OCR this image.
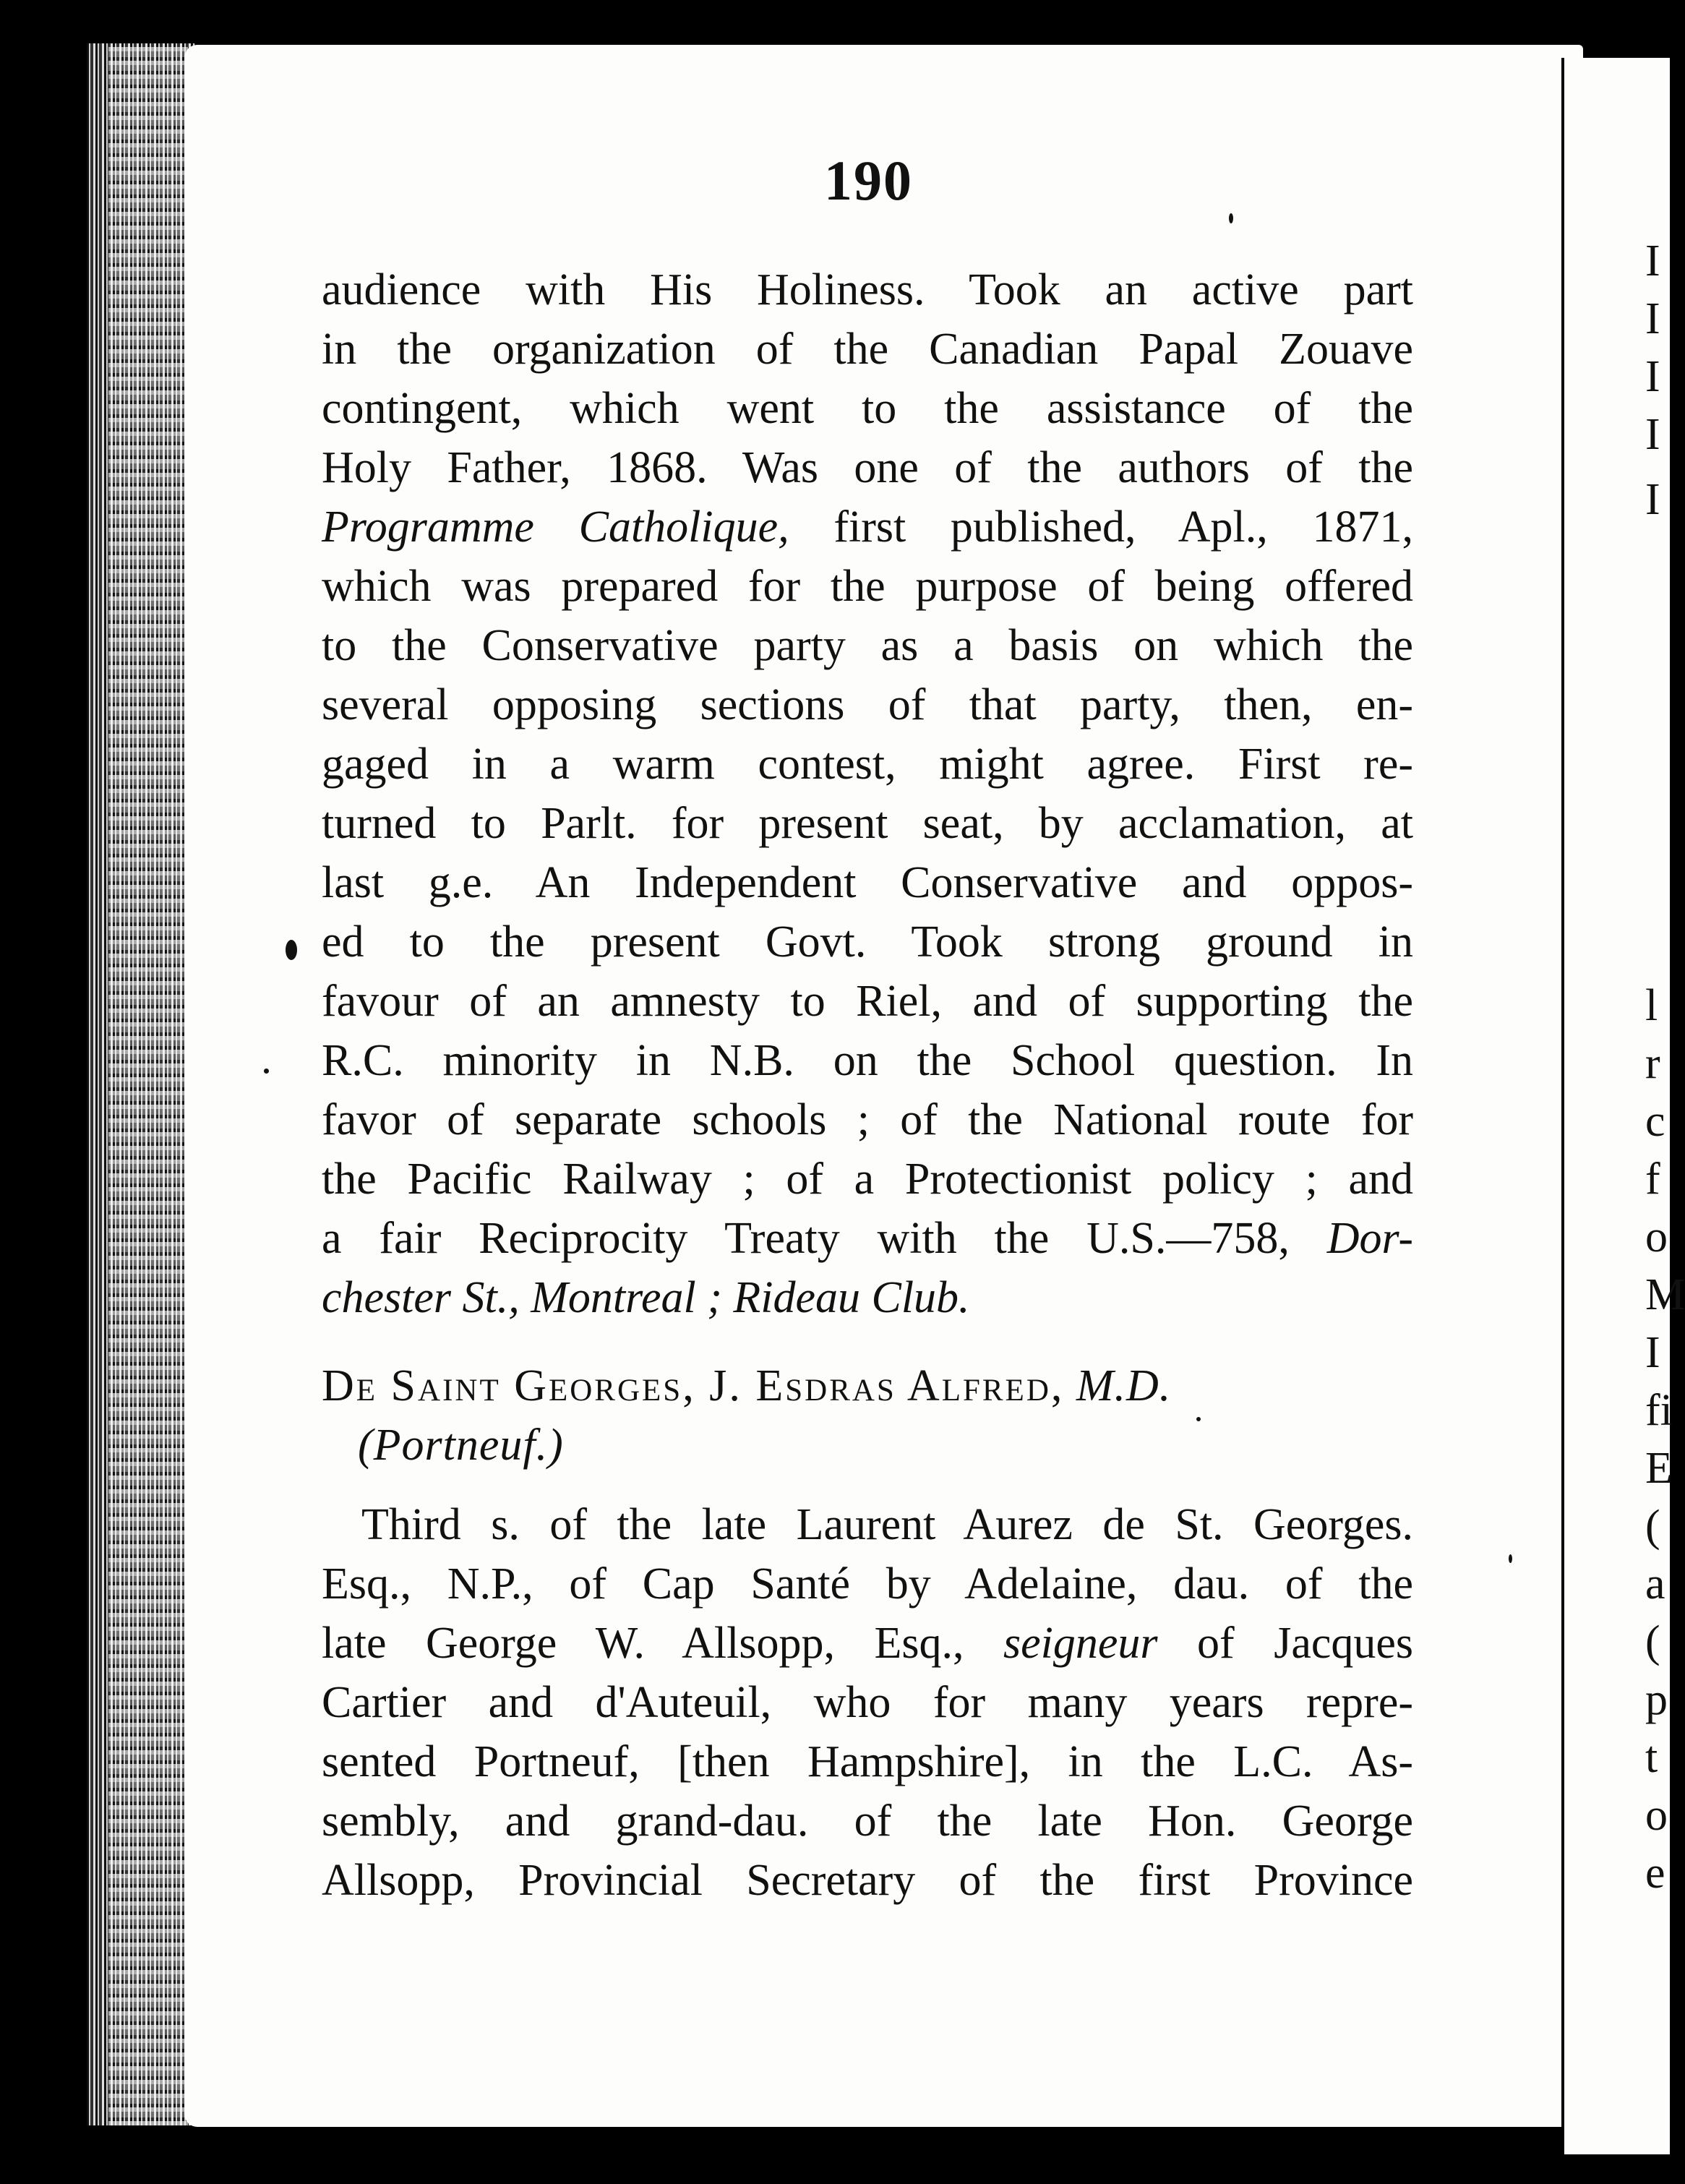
I
I
I
I
I
l
r
c
f
o
M
I
fi
E
(
a
(
p
t
o
e
190
audience with His Holiness. Took an active part
in the organization of the Canadian Papal Zouave
contingent, which went to the assistance of the
Holy Father, 1868. Was one of the authors of the
Programme Catholique, first published, Apl., 1871,
which was prepared for the purpose of being offered
to the Conservative party as a basis on which the
several opposing sections of that party, then, en-
gaged in a warm contest, might agree. First re-
turned to Parlt. for present seat, by acclamation, at
last g.e. An Independent Conservative and oppos-
ed to the present Govt. Took strong ground in
favour of an amnesty to Riel, and of supporting the
R.C. minority in N.B. on the School question. In
favor of separate schools ; of the National route for
the Pacific Railway ; of a Protectionist policy ; and
a fair Reciprocity Treaty with the U.S.—758, Dor-
chester St., Montreal ; Rideau Club.
De Saint Georges, J. Esdras Alfred, M.D.
(Portneuf.)
Third s. of the late Laurent Aurez de St. Georges.
Esq., N.P., of Cap Santé by Adelaine, dau. of the
late George W. Allsopp, Esq., seigneur of Jacques
Cartier and d'Auteuil, who for many years repre-
sented Portneuf, [then Hampshire], in the L.C. As-
sembly, and grand-dau. of the late Hon. George
Allsopp, Provincial Secretary of the first Province
